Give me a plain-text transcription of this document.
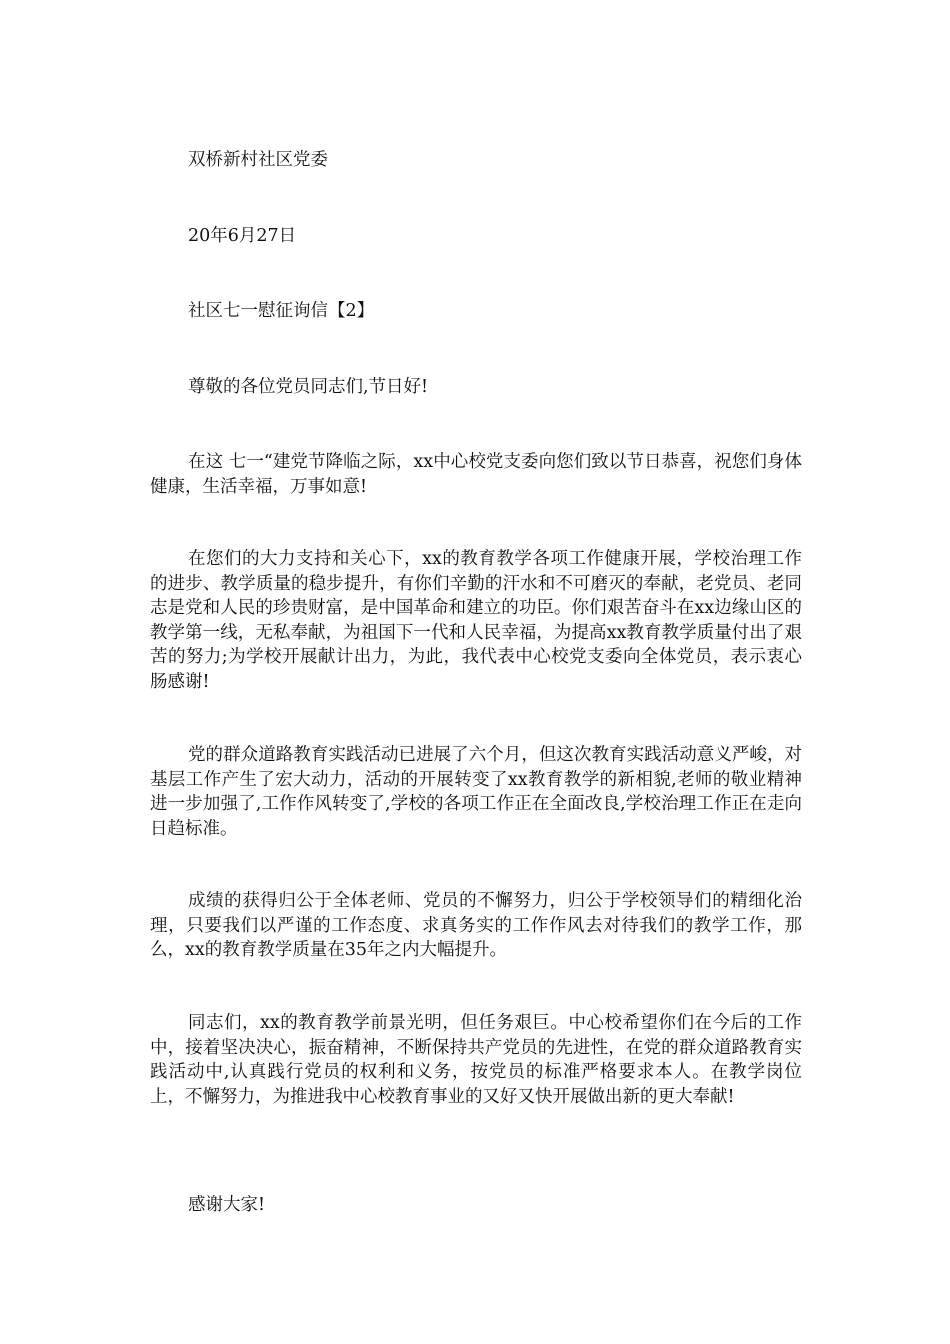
双桥新村社区党委
20年6月27日
社区七一慰征询信【2】
尊敬的各位党员同志们,节日好!
在这 七一“建党节降临之际，xx中心校党支委向您们致以节日恭喜，祝您们身体健康，生活幸福，万事如意!
在您们的大力支持和关心下，xx的教育教学各项工作健康开展，学校治理工作的进步、教学质量的稳步提升，有你们辛勤的汗水和不可磨灭的奉献，老党员、老同志是党和人民的珍贵财富，是中国革命和建立的功臣。你们艰苦奋斗在xx边缘山区的教学第一线，无私奉献，为祖国下一代和人民幸福，为提高xx教育教学质量付出了艰苦的努力;为学校开展献计出力，为此，我代表中心校党支委向全体党员，表示衷心肠感谢!
党的群众道路教育实践活动已进展了六个月，但这次教育实践活动意义严峻，对基层工作产生了宏大动力，活动的开展转变了xx教育教学的新相貌,老师的敬业精神进一步加强了,工作作风转变了,学校的各项工作正在全面改良,学校治理工作正在走向日趋标准。
成绩的获得归公于全体老师、党员的不懈努力，归公于学校领导们的精细化治理，只要我们以严谨的工作态度、求真务实的工作作风去对待我们的教学工作，那么，xx的教育教学质量在35年之内大幅提升。
同志们，xx的教育教学前景光明，但任务艰巨。中心校希望你们在今后的工作中，接着坚决决心，振奋精神，不断保持共产党员的先进性，在党的群众道路教育实践活动中,认真践行党员的权利和义务，按党员的标准严格要求本人。在教学岗位上，不懈努力，为推进我中心校教育事业的又好又快开展做出新的更大奉献!
感谢大家!
